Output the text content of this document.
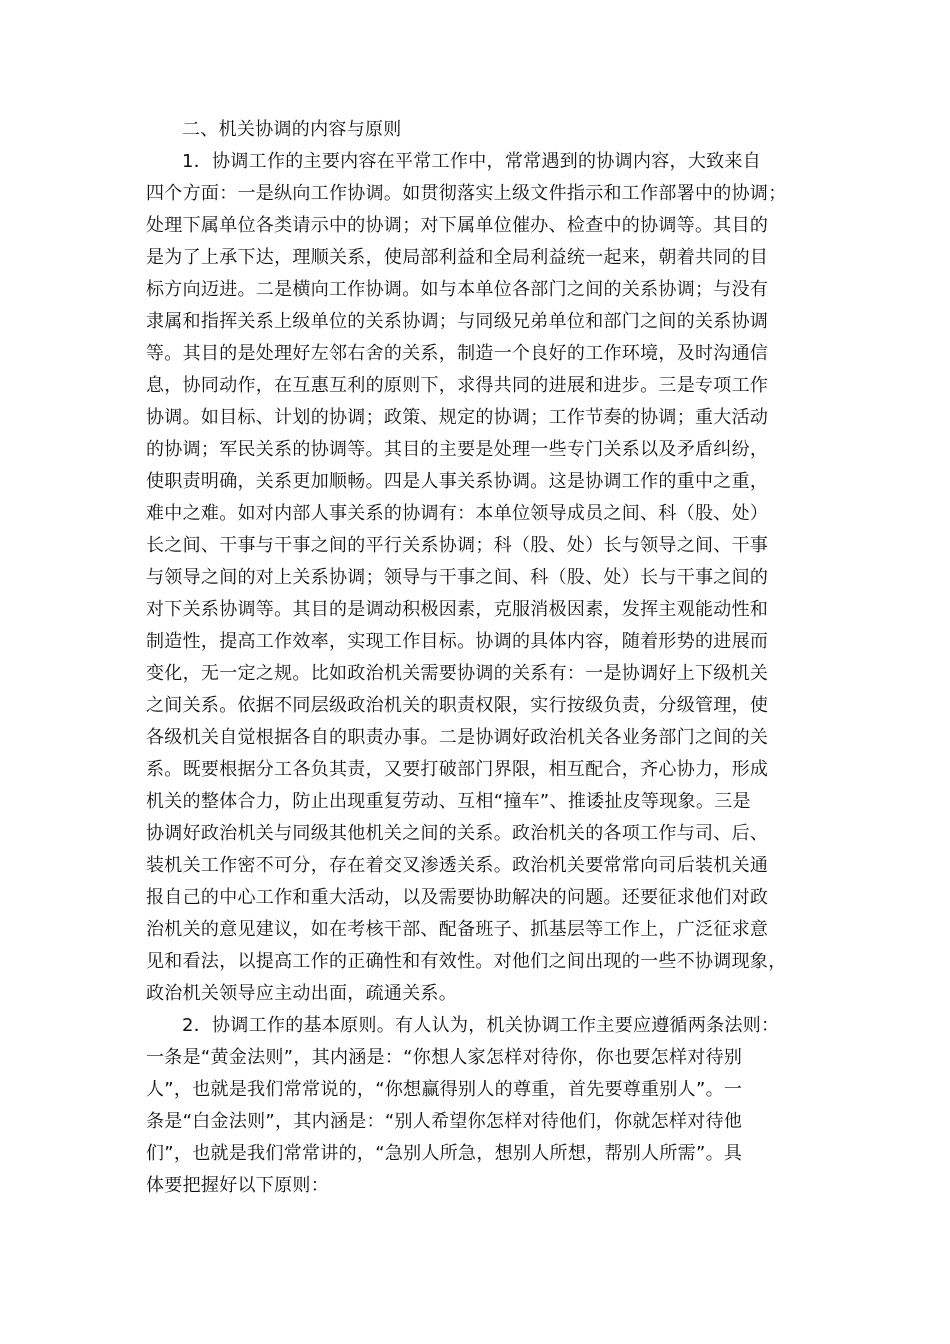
二、机关协调的内容与原则
1．协调工作的主要内容在平常工作中，常常遇到的协调内容，大致来自
四个方面：一是纵向工作协调。如贯彻落实上级文件指示和工作部署中的协调；
处理下属单位各类请示中的协调；对下属单位催办、检查中的协调等。其目的
是为了上承下达，理顺关系，使局部利益和全局利益统一起来，朝着共同的目
标方向迈进。二是横向工作协调。如与本单位各部门之间的关系协调；与没有
隶属和指挥关系上级单位的关系协调；与同级兄弟单位和部门之间的关系协调
等。其目的是处理好左邻右舍的关系，制造一个良好的工作环境，及时沟通信
息，协同动作，在互惠互利的原则下，求得共同的进展和进步。三是专项工作
协调。如目标、计划的协调；政策、规定的协调；工作节奏的协调；重大活动
的协调；军民关系的协调等。其目的主要是处理一些专门关系以及矛盾纠纷，
使职责明确，关系更加顺畅。四是人事关系协调。这是协调工作的重中之重，
难中之难。如对内部人事关系的协调有：本单位领导成员之间、科（股、处）
长之间、干事与干事之间的平行关系协调；科（股、处）长与领导之间、干事
与领导之间的对上关系协调；领导与干事之间、科（股、处）长与干事之间的
对下关系协调等。其目的是调动积极因素，克服消极因素，发挥主观能动性和
制造性，提高工作效率，实现工作目标。协调的具体内容，随着形势的进展而
变化，无一定之规。比如政治机关需要协调的关系有：一是协调好上下级机关
之间关系。依据不同层级政治机关的职责权限，实行按级负责，分级管理，使
各级机关自觉根据各自的职责办事。二是协调好政治机关各业务部门之间的关
系。既要根据分工各负其责，又要打破部门界限，相互配合，齐心协力，形成
机关的整体合力，防止出现重复劳动、互相“撞车”、推诿扯皮等现象。三是
协调好政治机关与同级其他机关之间的关系。政治机关的各项工作与司、后、
装机关工作密不可分，存在着交叉渗透关系。政治机关要常常向司后装机关通
报自己的中心工作和重大活动，以及需要协助解决的问题。还要征求他们对政
治机关的意见建议，如在考核干部、配备班子、抓基层等工作上，广泛征求意
见和看法，以提高工作的正确性和有效性。对他们之间出现的一些不协调现象，
政治机关领导应主动出面，疏通关系。
2．协调工作的基本原则。有人认为，机关协调工作主要应遵循两条法则：
一条是“黄金法则”，其内涵是：“你想人家怎样对待你，你也要怎样对待别
人”，也就是我们常常说的，“你想赢得别人的尊重，首先要尊重别人”。一
条是“白金法则”，其内涵是：“别人希望你怎样对待他们，你就怎样对待他
们”，也就是我们常常讲的，“急别人所急，想别人所想，帮别人所需”。具
体要把握好以下原则：
